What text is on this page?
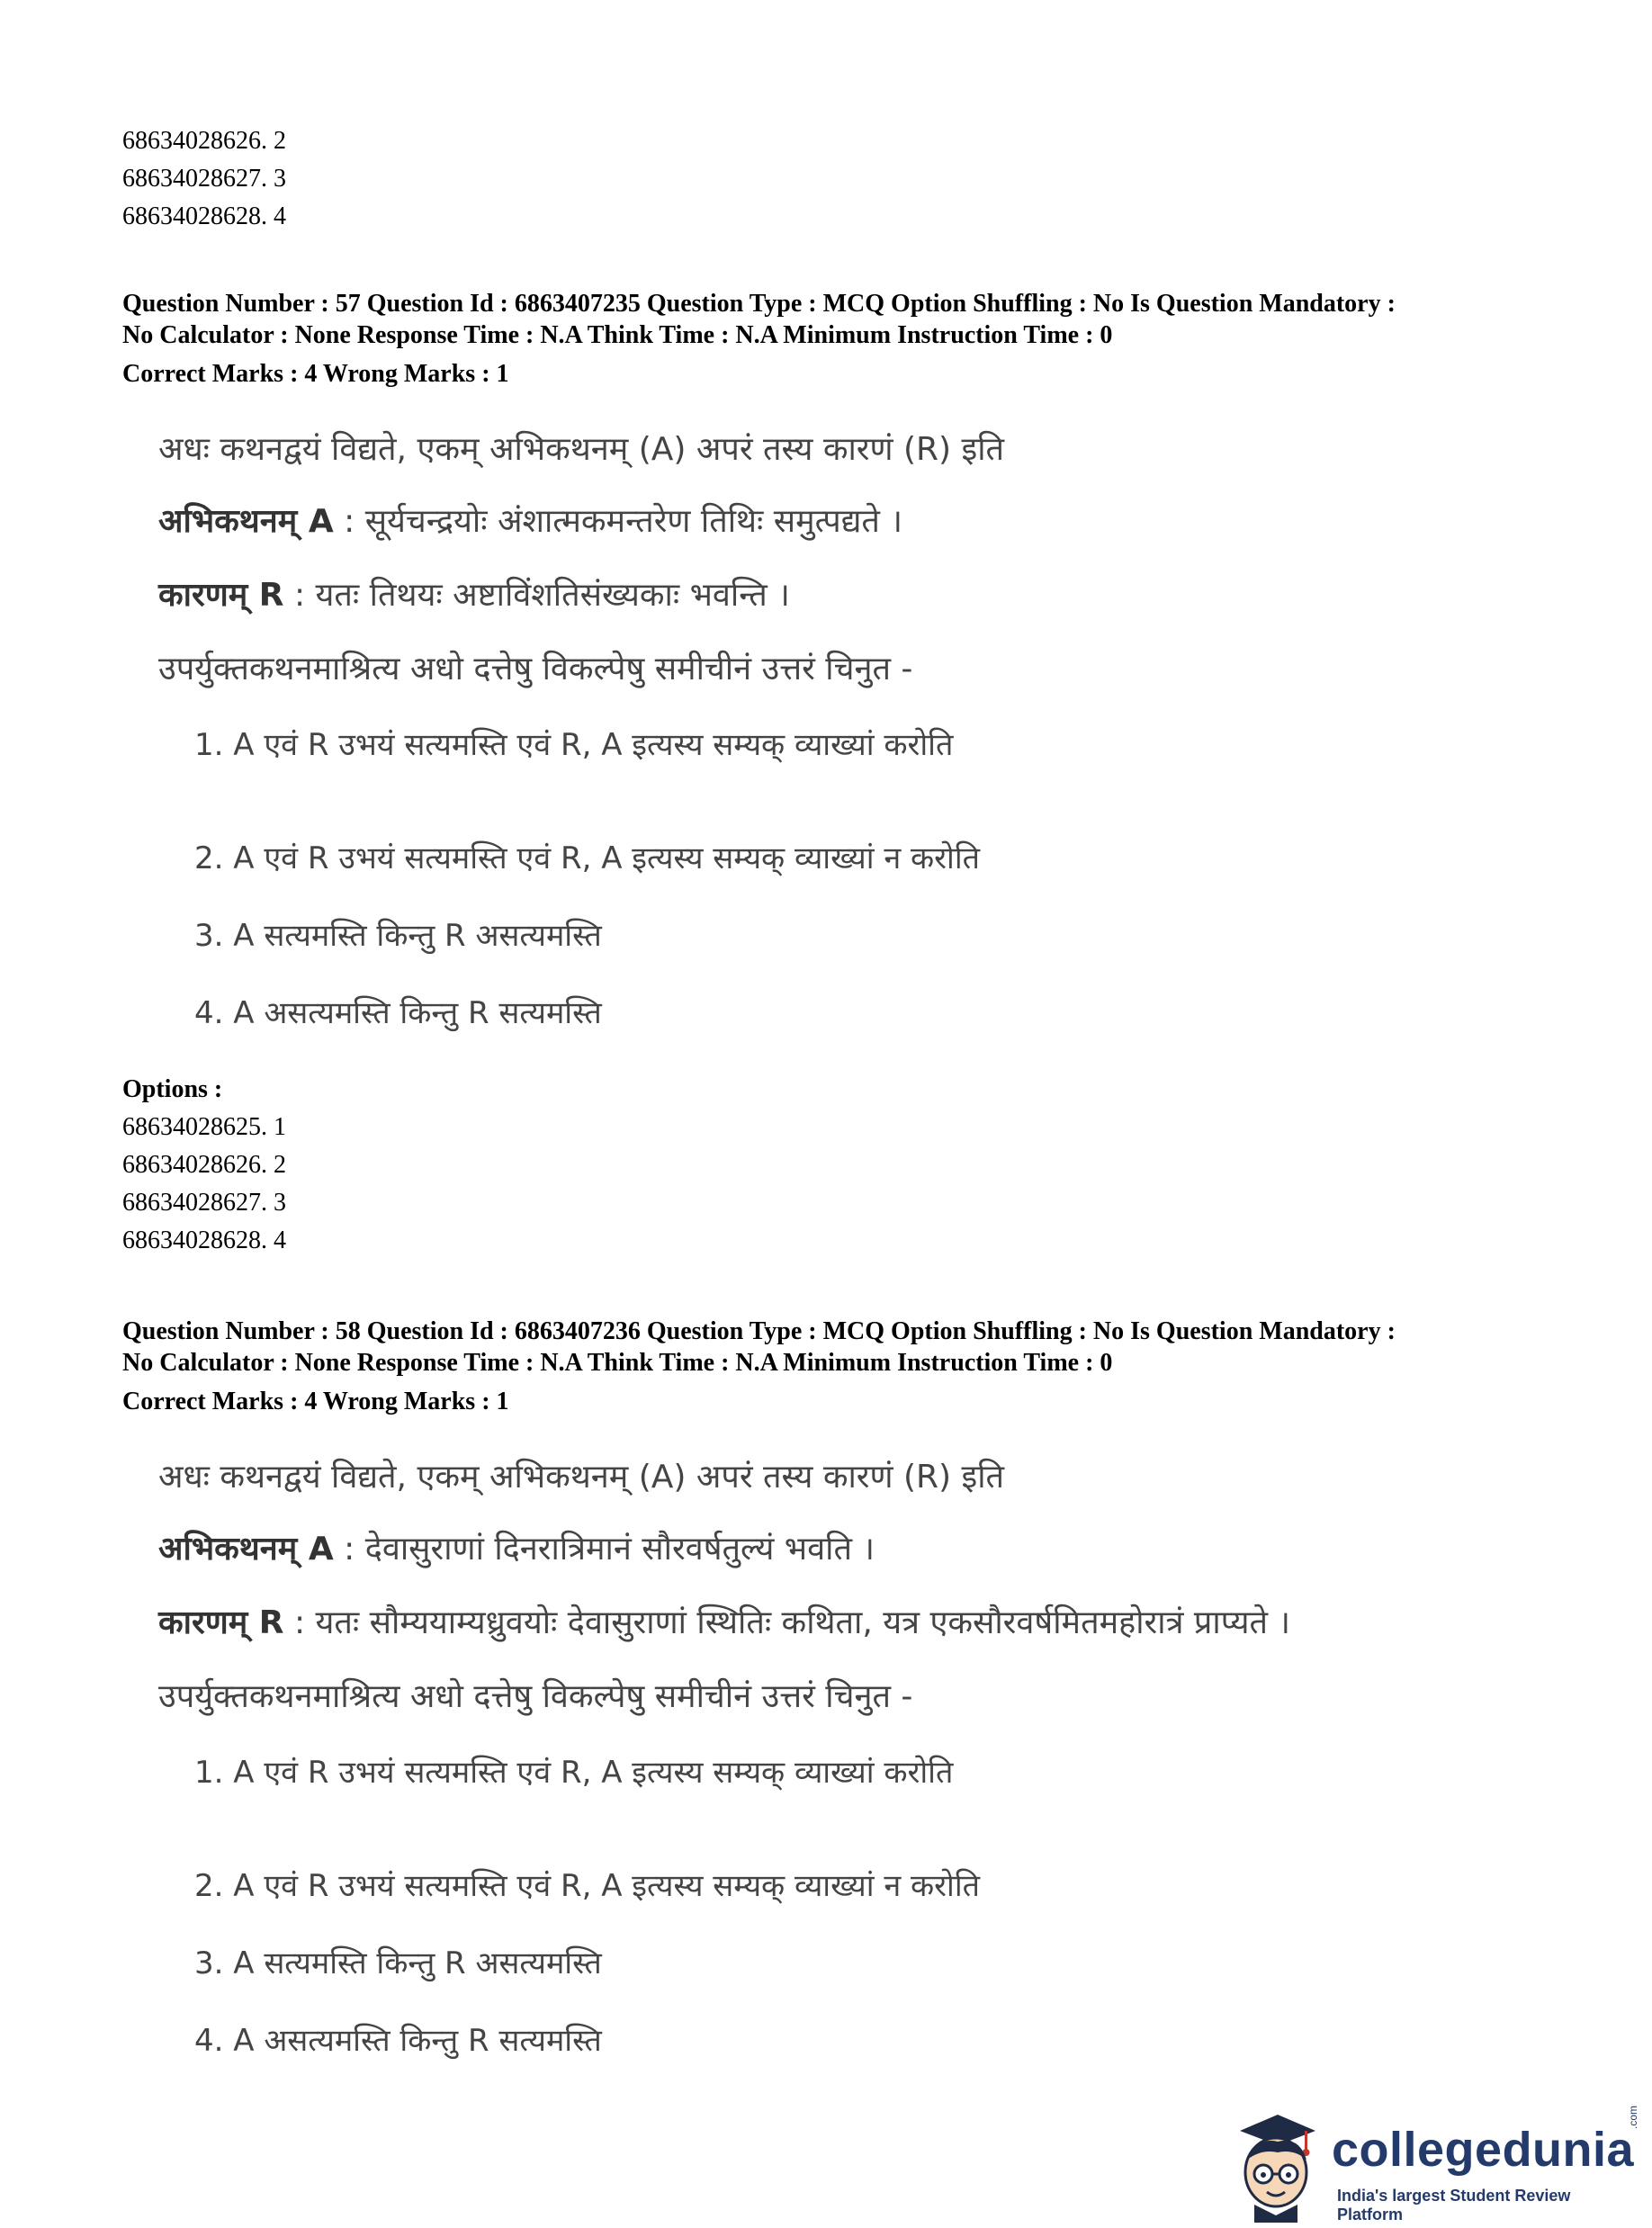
68634028626. 2
68634028627. 3
68634028628. 4
Question Number : 57 Question Id : 6863407235 Question Type : MCQ Option Shuffling : No Is Question Mandatory :
No Calculator : None Response Time : N.A Think Time : N.A Minimum Instruction Time : 0
Correct Marks : 4 Wrong Marks : 1
अधः कथनद्वयं विद्यते, एकम् अभिकथनम् (A) अपरं तस्य कारणं (R) इति
अभिकथनम् A : सूर्यचन्द्रयोः अंशात्मकमन्तरेण तिथिः समुत्पद्यते ।
कारणम् R : यतः तिथयः अष्टाविंशतिसंख्यकाः भवन्ति ।
उपर्युक्तकथनमाश्रित्य अधो दत्तेषु विकल्पेषु समीचीनं उत्तरं चिनुत -
1. A एवं R उभयं सत्यमस्ति एवं R, A इत्यस्य सम्यक् व्याख्यां करोति
2. A एवं R उभयं सत्यमस्ति एवं R, A इत्यस्य सम्यक् व्याख्यां न करोति
3. A सत्यमस्ति किन्तु R असत्यमस्ति
4. A असत्यमस्ति किन्तु R सत्यमस्ति
Options :
68634028625. 1
68634028626. 2
68634028627. 3
68634028628. 4
Question Number : 58 Question Id : 6863407236 Question Type : MCQ Option Shuffling : No Is Question Mandatory :
No Calculator : None Response Time : N.A Think Time : N.A Minimum Instruction Time : 0
Correct Marks : 4 Wrong Marks : 1
अधः कथनद्वयं विद्यते, एकम् अभिकथनम् (A) अपरं तस्य कारणं (R) इति
अभिकथनम् A : देवासुराणां दिनरात्रिमानं सौरवर्षतुल्यं भवति ।
कारणम् R : यतः सौम्ययाम्यध्रुवयोः देवासुराणां स्थितिः कथिता, यत्र एकसौरवर्षमितमहोरात्रं प्राप्यते ।
उपर्युक्तकथनमाश्रित्य अधो दत्तेषु विकल्पेषु समीचीनं उत्तरं चिनुत -
1. A एवं R उभयं सत्यमस्ति एवं R, A इत्यस्य सम्यक् व्याख्यां करोति
2. A एवं R उभयं सत्यमस्ति एवं R, A इत्यस्य सम्यक् व्याख्यां न करोति
3. A सत्यमस्ति किन्तु R असत्यमस्ति
4. A असत्यमस्ति किन्तु R सत्यमस्ति
collegedunia
.com
India's largest Student Review Platform
